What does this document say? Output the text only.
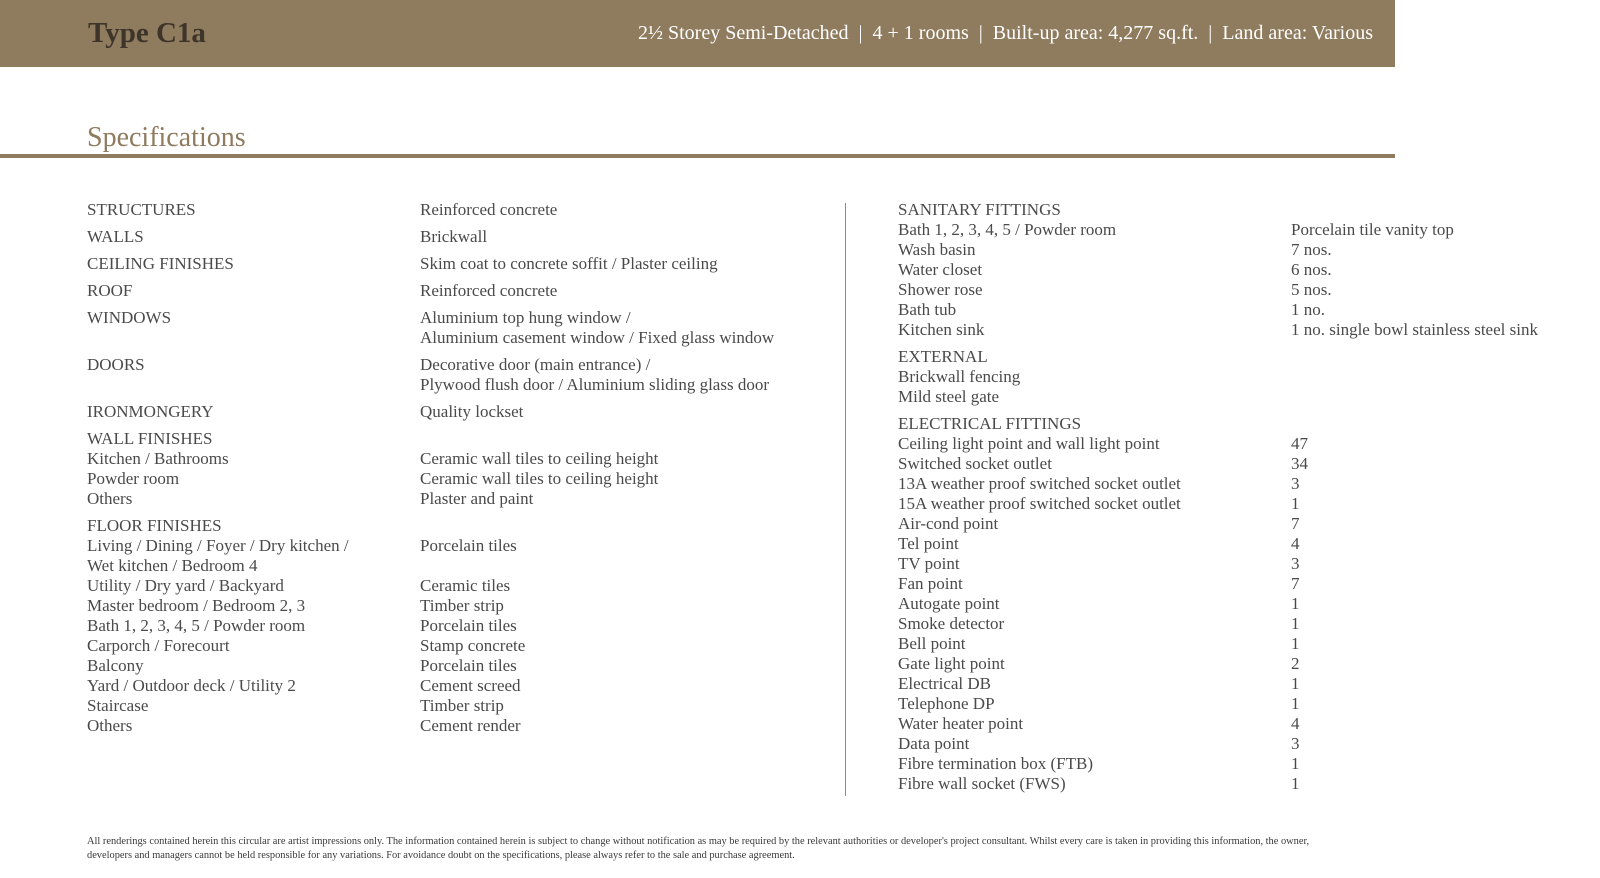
Type C1a	2½ Storey Semi-Detached  |  4 + 1 rooms  |  Built-up area: 4,277 sq.ft.  |  Land area: Various
Specifications
STRUCTURES	Reinforced concrete
WALLS	Brickwall
CEILING FINISHES	Skim coat to concrete soffit / Plaster ceiling
ROOF	Reinforced concrete
WINDOWS	Aluminium top hung window /
Aluminium casement window / Fixed glass window
DOORS	Decorative door (main entrance) /
Plywood flush door / Aluminium sliding glass door
IRONMONGERY	Quality lockset
WALL FINISHES
Kitchen / Bathrooms	Ceramic wall tiles to ceiling height
Powder room	Ceramic wall tiles to ceiling height
Others	Plaster and paint
FLOOR FINISHES
Living / Dining / Foyer / Dry kitchen /	Porcelain tiles
Wet kitchen / Bedroom 4
Utility / Dry yard / Backyard	Ceramic tiles
Master bedroom / Bedroom 2, 3	Timber strip
Bath 1, 2, 3, 4, 5 / Powder room	Porcelain tiles
Carporch / Forecourt	Stamp concrete
Balcony	Porcelain tiles
Yard / Outdoor deck / Utility 2	Cement screed
Staircase	Timber strip
Others	Cement render
SANITARY FITTINGS
Bath 1, 2, 3, 4, 5 / Powder room	Porcelain tile vanity top
Wash basin	7 nos.
Water closet	6 nos.
Shower rose	5 nos.
Bath tub	1 no.
Kitchen sink	1 no. single bowl stainless steel sink
EXTERNAL
Brickwall fencing
Mild steel gate
ELECTRICAL FITTINGS
Ceiling light point and wall light point	47
Switched socket outlet	34
13A weather proof switched socket outlet	3
15A weather proof switched socket outlet	1
Air-cond point	7
Tel point	4
TV point	3
Fan point	7
Autogate point	1
Smoke detector	1
Bell point	1
Gate light point	2
Electrical DB	1
Telephone DP	1
Water heater point	4
Data point	3
Fibre termination box (FTB)	1
Fibre wall socket (FWS)	1
All renderings contained herein this circular are artist impressions only. The information contained herein is subject to change without notification as may be required by the relevant authorities or developer's project consultant. Whilst every care is taken in providing this information, the owner,
developers and managers cannot be held responsible for any variations. For avoidance doubt on the specifications, please always refer to the sale and purchase agreement.
